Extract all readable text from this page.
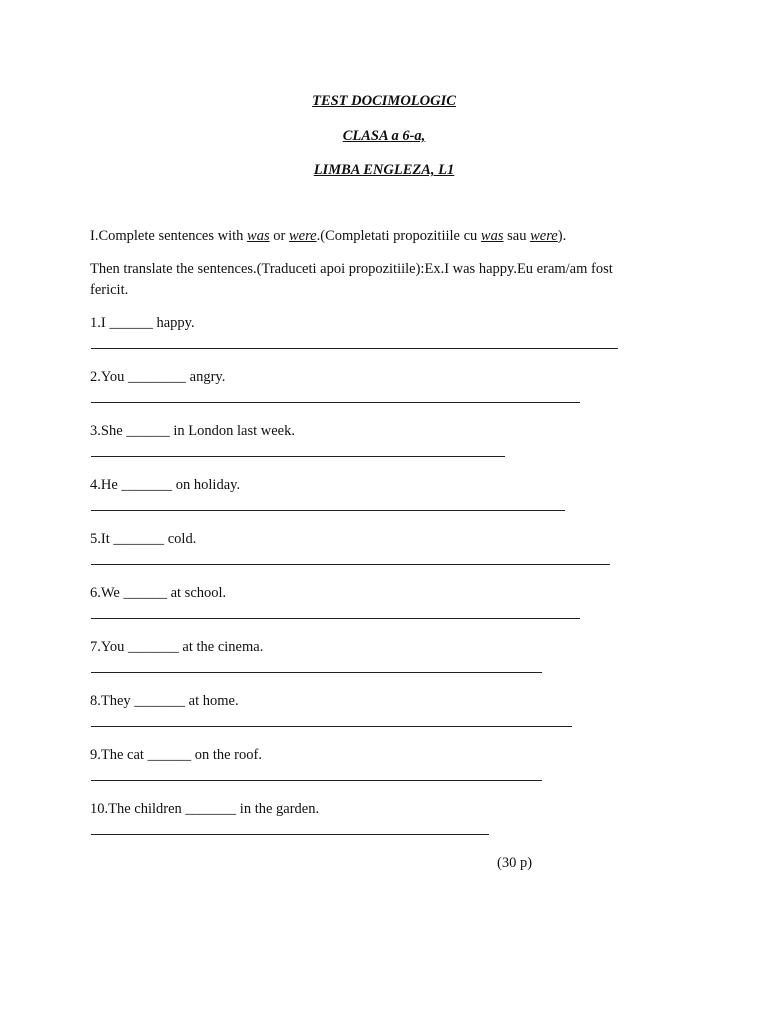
TEST DOCIMOLOGIC
CLASA a 6-a,
LIMBA ENGLEZA, L1
I.Complete sentences with was or were.(Completati propozitiile cu was sau were).
Then translate the sentences.(Traduceti apoi propozitiile):Ex.I was happy.Eu eram/am fost
fericit.
1.I ______ happy.
2.You ________ angry.
3.She ______ in London last week.
4.He _______ on holiday.
5.It _______ cold.
6.We ______ at school.
7.You _______ at the cinema.
8.They _______ at home.
9.The cat ______ on the roof.
10.The children _______ in the garden.
(30 p)
